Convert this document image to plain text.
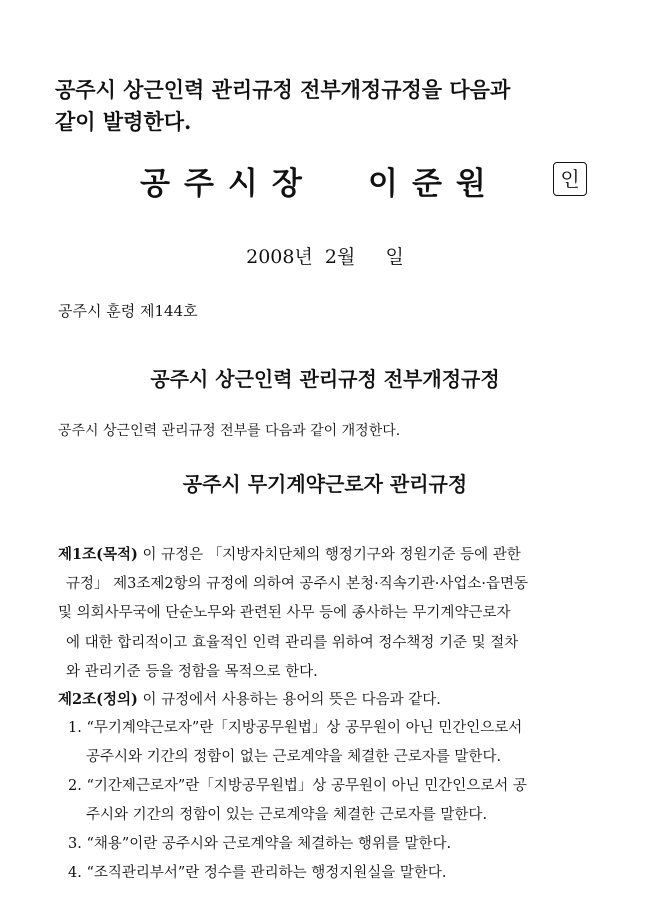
공주시 상근인력 관리규정 전부개정규정을 다음과
같이 발령한다.
공주시장 이준원	인
2008년  2월     일
공주시 훈령 제144호
공주시 상근인력 관리규정 전부개정규정
공주시 상근인력 관리규정 전부를 다음과 같이 개정한다.
공주시 무기계약근로자 관리규정
제1조(목적) 이 규정은 「지방자치단체의 행정기구와 정원기준 등에 관한
규정」 제3조제2항의 규정에 의하여 공주시 본청·직속기관·사업소·읍면동
및 의회사무국에 단순노무와 관련된 사무 등에 종사하는 무기계약근로자
에 대한 합리적이고 효율적인 인력 관리를 위하여 정수책정 기준 및 절차
와 관리기준 등을 정함을 목적으로 한다.
제2조(정의) 이 규정에서 사용하는 용어의 뜻은 다음과 같다.
1. “무기계약근로자”란「지방공무원법」상 공무원이 아닌 민간인으로서
공주시와 기간의 정함이 없는 근로계약을 체결한 근로자를 말한다.
2. “기간제근로자”란「지방공무원법」상 공무원이 아닌 민간인으로서 공
주시와 기간의 정함이 있는 근로계약을 체결한 근로자를 말한다.
3. “채용”이란 공주시와 근로계약을 체결하는 행위를 말한다.
4. “조직관리부서”란 정수를 관리하는 행정지원실을 말한다.
